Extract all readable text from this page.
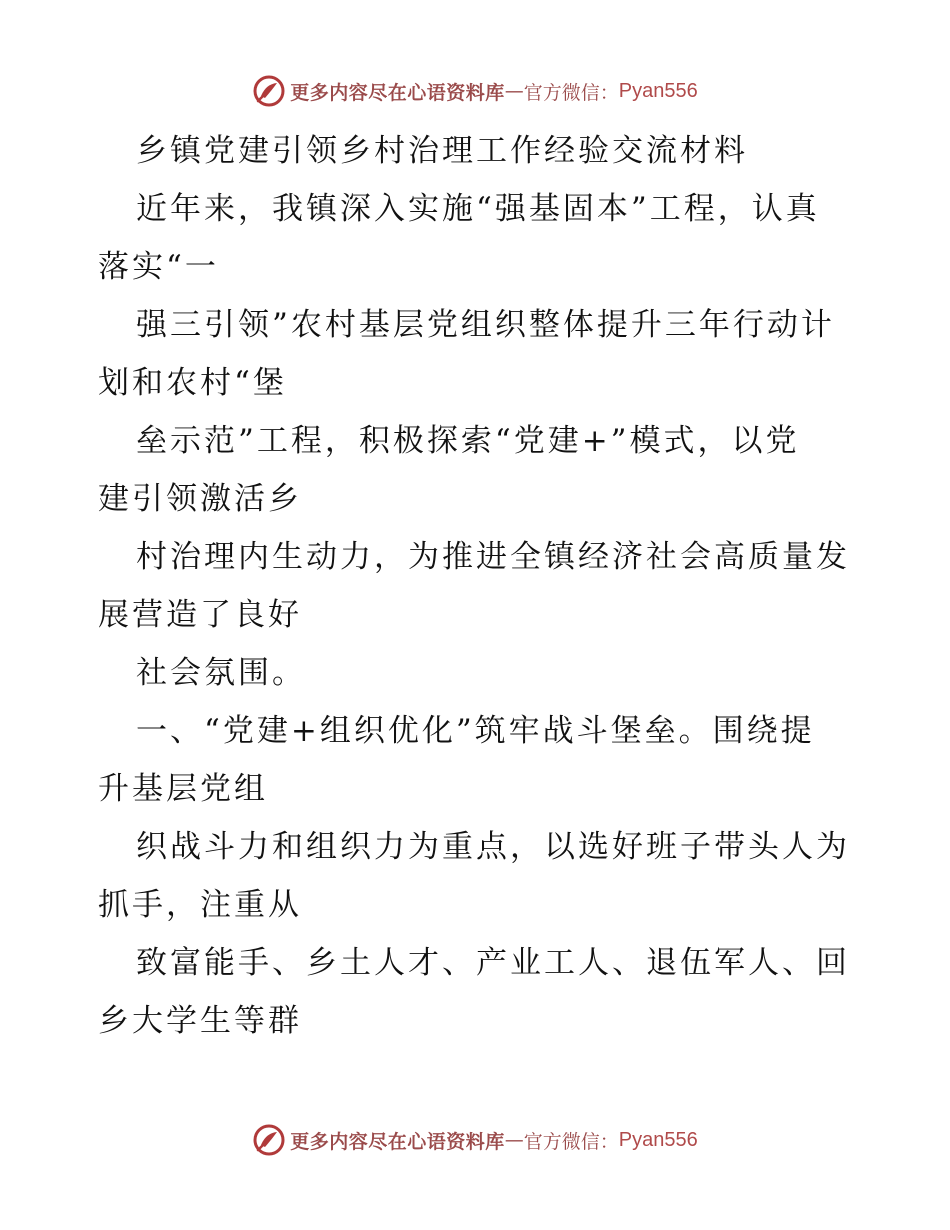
更多内容尽在心语资料库 — 官方微信： Pyan556
乡镇党建引领乡村治理工作经验交流材料
近年来，我镇深入实施“强基固本”工程，认真
落实“一
强三引领”农村基层党组织整体提升三年行动计
划和农村“堡
垒示范”工程，积极探索“党建+”模式，以党
建引领激活乡
村治理内生动力，为推进全镇经济社会高质量发
展营造了良好
社会氛围。
一、“党建+组织优化”筑牢战斗堡垒。围绕提
升基层党组
织战斗力和组织力为重点，以选好班子带头人为
抓手，注重从
致富能手、乡土人才、产业工人、退伍军人、回
乡大学生等群
更多内容尽在心语资料库 — 官方微信： Pyan556
